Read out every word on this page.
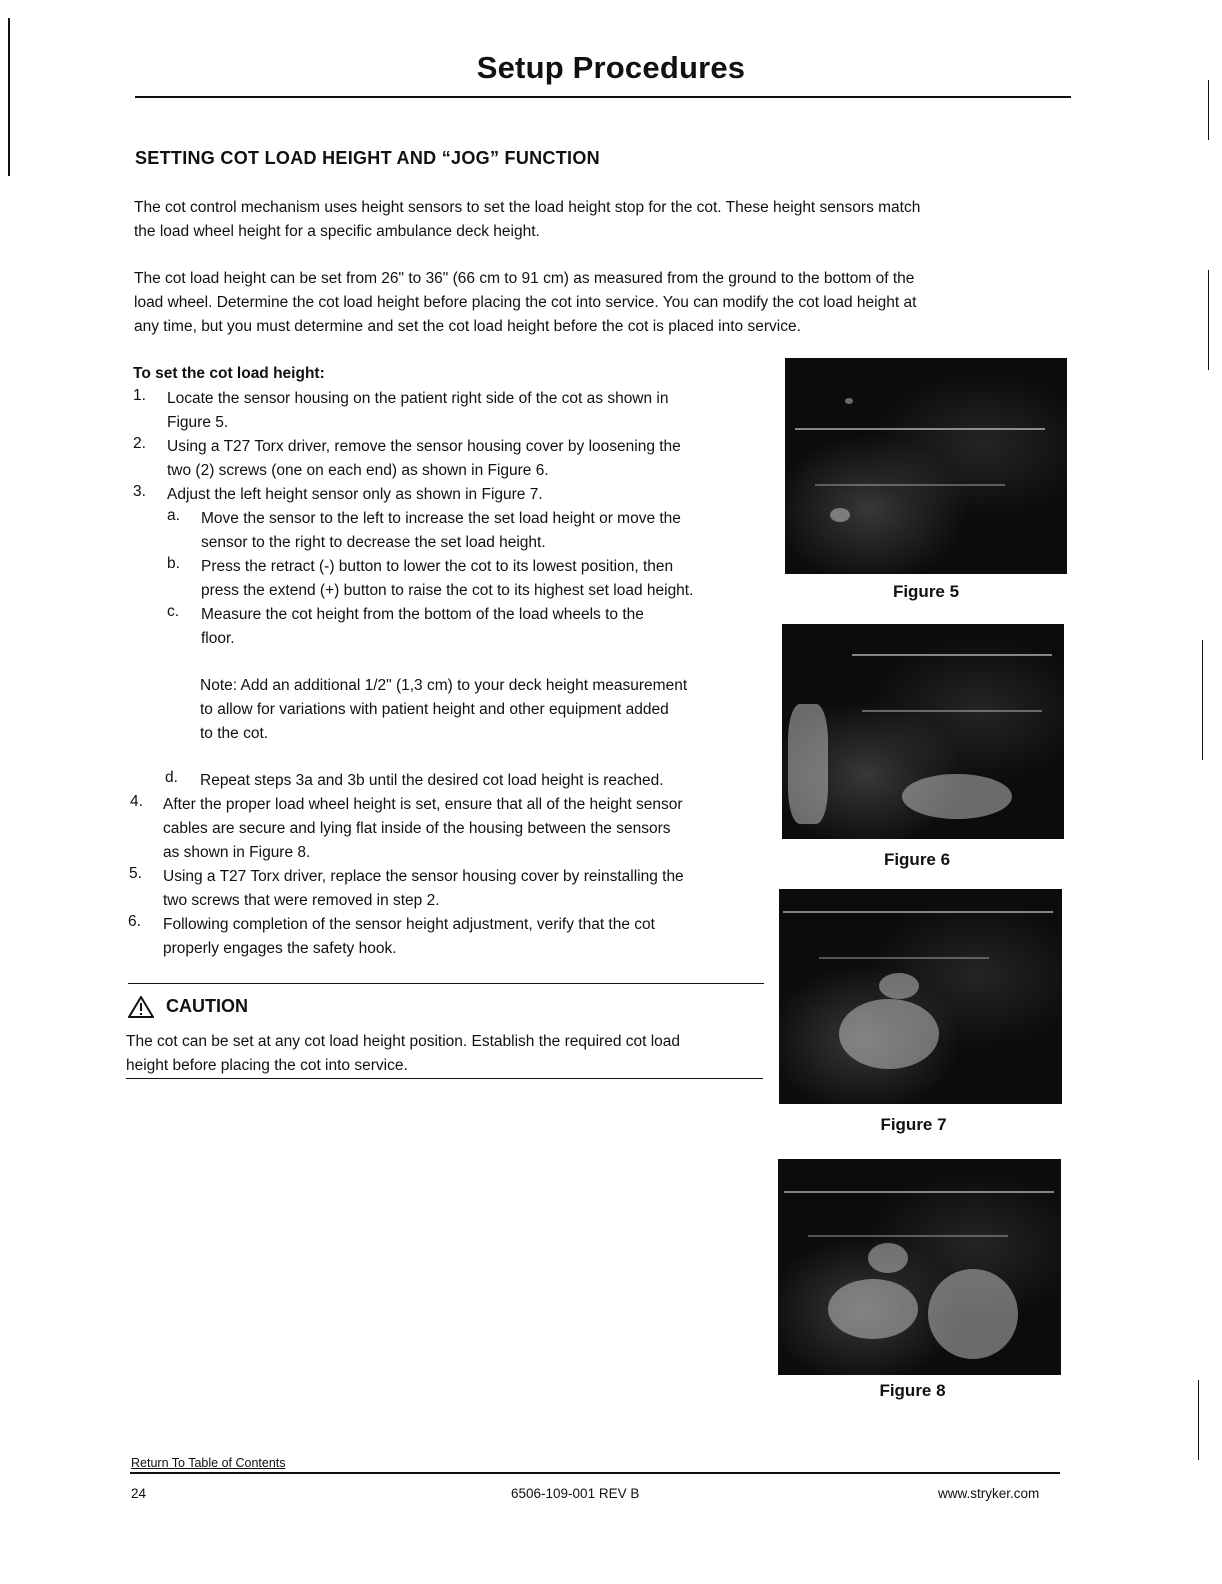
Setup Procedures
SETTING COT LOAD HEIGHT AND “JOG” FUNCTION
The cot control mechanism uses height sensors to set the load height stop for the cot. These height sensors match
the load wheel height for a specific ambulance deck height.
The cot load height can be set from 26" to 36" (66 cm to 91 cm) as measured from the ground to the bottom of the
load wheel. Determine the cot load height before placing the cot into service. You can modify the cot load height at
any time, but you must determine and set the cot load height before the cot is placed into service.
To set the cot load height:
1. Locate the sensor housing on the patient right side of the cot as shown in
Figure 5.
2. Using a T27 Torx driver, remove the sensor housing cover by loosening the
two (2) screws (one on each end) as shown in Figure 6.
3. Adjust the left height sensor only as shown in Figure 7.
a. Move the sensor to the left to increase the set load height or move the
sensor to the right to decrease the set load height.
b. Press the retract (-) button to lower the cot to its lowest position, then
press the extend (+) button to raise the cot to its highest set load height.
c. Measure the cot height from the bottom of the load wheels to the
floor.
Note: Add an additional 1/2" (1,3 cm) to your deck height measurement
to allow for variations with patient height and other equipment added
to the cot.
d. Repeat steps 3a and 3b until the desired cot load height is reached.
4. After the proper load wheel height is set, ensure that all of the height sensor
cables are secure and lying flat inside of the housing between the sensors
as shown in Figure 8.
5. Using a T27 Torx driver, replace the sensor housing cover by reinstalling the
two screws that were removed in step 2.
6. Following completion of the sensor height adjustment, verify that the cot
properly engages the safety hook.
CAUTION
The cot can be set at any cot load height position. Establish the required cot load
height before placing the cot into service.
Figure 5
Figure 6
Figure 7
Figure 8
Return To Table of Contents
24	6506-109-001 REV B	www.stryker.com
